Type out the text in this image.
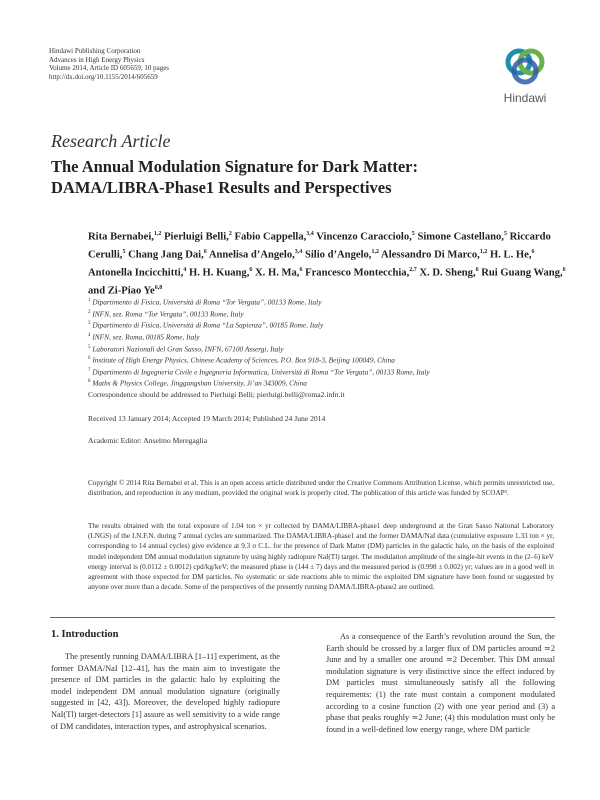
Hindawi Publishing Corporation
Advances in High Energy Physics
Volume 2014, Article ID 605659, 10 pages
http://dx.doi.org/10.1155/2014/605659
Hindawi
Research Article
The Annual Modulation Signature for Dark Matter:
DAMA/LIBRA-Phase1 Results and Perspectives
Rita Bernabei,$^{1,2}$ Pierluigi Belli,$^2$ Fabio Cappella,$^{3,4}$ Vincenzo Caracciolo,$^5$ Simone Castellano,$^5$ Riccardo Cerulli,$^5$ Chang Jang Dai,$^6$ Annelisa d’Angelo,$^{3,4}$ Silio d’Angelo,$^{1,2}$ Alessandro Di Marco,$^{1,2}$ H. L. He,$^6$ Antonella Incicchitti,$^4$ H. H. Kuang,$^6$ X. H. Ma,$^6$ Francesco Montecchia,$^{2,7}$ X. D. Sheng,$^6$ Rui Guang Wang,$^6$ and Zi-Piao Ye$^{6,8}$
$^1$ Dipartimento di Fisica, Università di Roma “Tor Vergata”, 00133 Rome, Italy
$^2$ INFN, sez. Roma “Tor Vergata”, 00133 Rome, Italy
$^3$ Dipartimento di Fisica, Università di Roma “La Sapienza”, 00185 Rome, Italy
$^4$ INFN, sez. Roma, 00185 Rome, Italy
$^5$ Laboratori Nazionali del Gran Sasso, INFN, 67100 Assergi, Italy
$^6$ Institute of High Energy Physics, Chinese Academy of Sciences, P.O. Box 918-3, Beijing 100049, China
$^7$ Dipartimento di Ingegneria Civile e Ingegneria Informatica, Università di Roma “Tor Vergata”, 00133 Rome, Italy
$^8$ Maths & Physics College, Jinggangshan University, Ji’an 343009, China
Correspondence should be addressed to Pierluigi Belli; pierluigi.belli@roma2.infn.it
Received 13 January 2014; Accepted 19 March 2014; Published 24 June 2014
Academic Editor: Anselmo Meregaglia
Copyright © 2014 Rita Bernabei et al. This is an open access article distributed under the Creative Commons Attribution License, which permits unrestricted use, distribution, and reproduction in any medium, provided the original work is properly cited. The publication of this article was funded by SCOAP³.
The results obtained with the total exposure of 1.04 ton × yr collected by DAMA/LIBRA-phase1 deep underground at the Gran Sasso National Laboratory (LNGS) of the I.N.F.N. during 7 annual cycles are summarized. The DAMA/LIBRA-phase1 and the former DAMA/NaI data (cumulative exposure 1.33 ton × yr, corresponding to 14 annual cycles) give evidence at 9.3 σ C.L. for the presence of Dark Matter (DM) particles in the galactic halo, on the basis of the exploited model independent DM annual modulation signature by using highly radiopure NaI(Tl) target. The modulation amplitude of the single-hit events in the (2–6) keV energy interval is (0.0112 ± 0.0012) cpd/kg/keV; the measured phase is (144 ± 7) days and the measured period is (0.998 ± 0.002) yr; values are in a good well in agreement with those expected for DM particles. No systematic or side reactions able to mimic the exploited DM signature have been found or suggested by anyone over more than a decade. Some of the perspectives of the presently running DAMA/LIBRA-phase2 are outlined.
1. Introduction

The presently running DAMA/LIBRA [1–11] experiment, as the former DAMA/NaI [12–41], has the main aim to investigate the presence of DM particles in the galactic halo by exploiting the model independent DM annual modulation signature (originally suggested in [42, 43]). Moreover, the developed highly radiopure NaI(Tl) target-detectors [1] assure as well sensitivity to a wide range of DM candidates, interaction types, and astrophysical scenarios.

As a consequence of the Earth’s revolution around the Sun, the Earth should be crossed by a larger flux of DM particles around ≃2 June and by a smaller one around ≃2 December. This DM annual modulation signature is very distinctive since the effect induced by DM particles must simultaneously satisfy all the following requirements: (1) the rate must contain a component modulated according to a cosine function (2) with one year period and (3) a phase that peaks roughly ≃2 June; (4) this modulation must only be found in a well-defined low energy range, where DM particle
